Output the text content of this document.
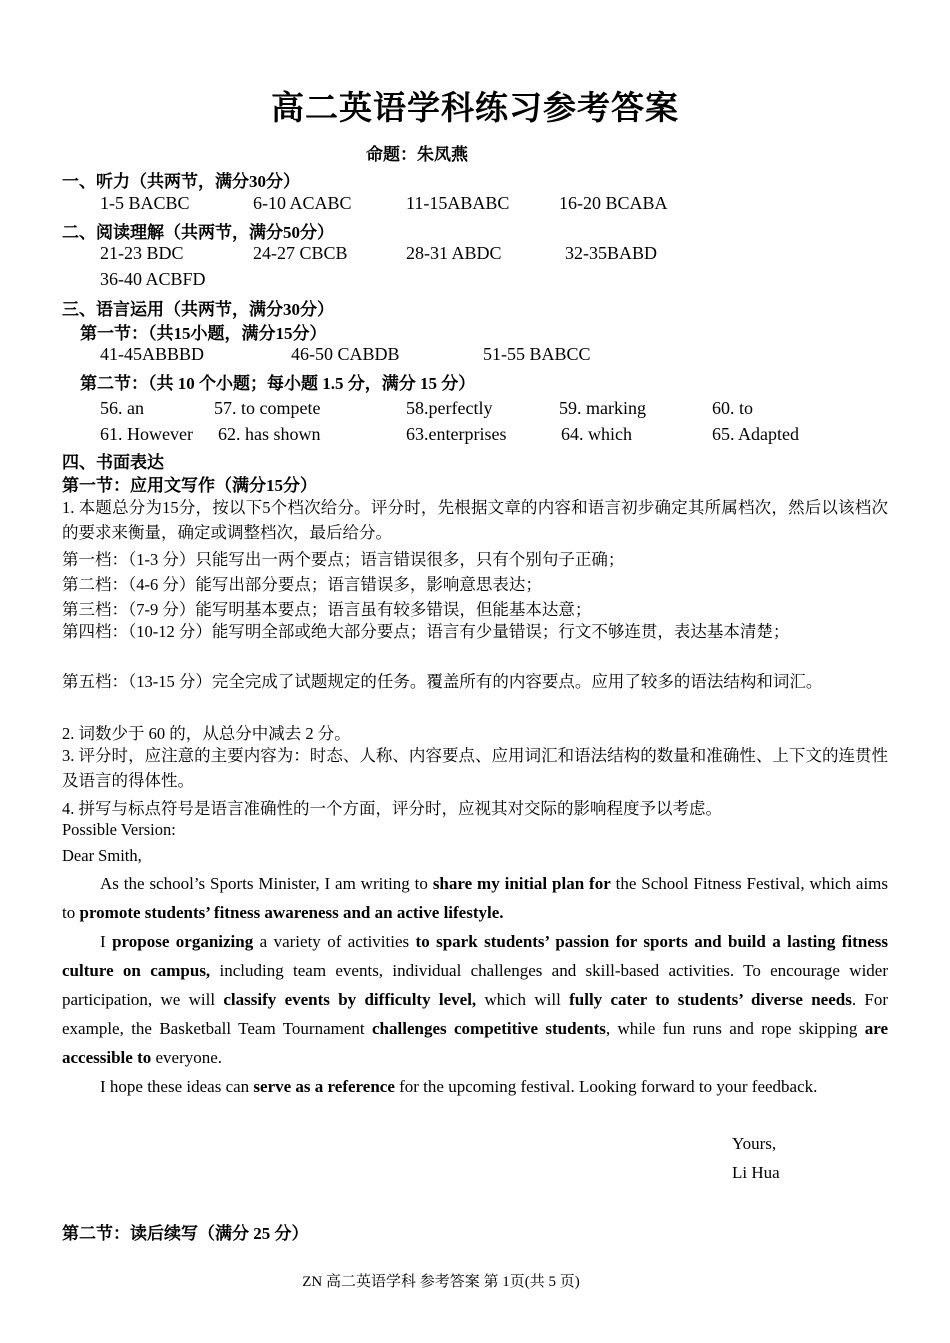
高二英语学科练习参考答案
命题：朱凤燕
一、听力（共两节，满分30分）
1-5 BACBC	6-10 ACABC	11-15ABABC	16-20 BCABA
二、阅读理解（共两节，满分50分）
21-23 BDC	24-27 CBCB	28-31 ABDC	32-35BABD
36-40 ACBFD
三、语言运用（共两节，满分30分）
第一节：（共15小题，满分15分）
41-45ABBBD	46-50 CABDB	51-55 BABCC
第二节：（共 10 个小题；每小题 1.5 分，满分 15 分）
56. an	57. to compete	58.perfectly	59. marking	60. to
61. However 62. has shown	63.enterprises	64. which	65. Adapted
四、书面表达
第一节：应用文写作（满分15分）
1. 本题总分为15分，按以下5个档次给分。评分时，先根据文章的内容和语言初步确定其所属档次，然后以该档次的要求来衡量，确定或调整档次，最后给分。
第一档：（1-3 分）只能写出一两个要点；语言错误很多，只有个别句子正确；
第二档：（4-6 分）能写出部分要点；语言错误多，影响意思表达；
第三档：（7-9 分）能写明基本要点；语言虽有较多错误，但能基本达意；
第四档：（10-12 分）能写明全部或绝大部分要点；语言有少量错误；行文不够连贯，表达基本清楚；
第五档：（13-15 分）完全完成了试题规定的任务。覆盖所有的内容要点。应用了较多的语法结构和词汇。
2. 词数少于 60 的，从总分中减去 2 分。
3. 评分时，应注意的主要内容为：时态、人称、内容要点、应用词汇和语法结构的数量和准确性、上下文的连贯性及语言的得体性。
4. 拼写与标点符号是语言准确性的一个方面，评分时，应视其对交际的影响程度予以考虑。
Possible Version:
Dear Smith,

As the school’s Sports Minister, I am writing to share my initial plan for the School Fitness Festival, which aims to promote students’ fitness awareness and an active lifestyle.

I propose organizing a variety of activities to spark students’ passion for sports and build a lasting fitness culture on campus, including team events, individual challenges and skill-based activities. To encourage wider participation, we will classify events by difficulty level, which will fully cater to students’ diverse needs. For example, the Basketball Team Tournament challenges competitive students, while fun runs and rope skipping are accessible to everyone.

I hope these ideas can serve as a reference for the upcoming festival. Looking forward to your feedback.

Yours,
Li Hua
第二节：读后续写（满分 25 分）
ZN 高二英语学科 参考答案 第 1页(共 5 页)
